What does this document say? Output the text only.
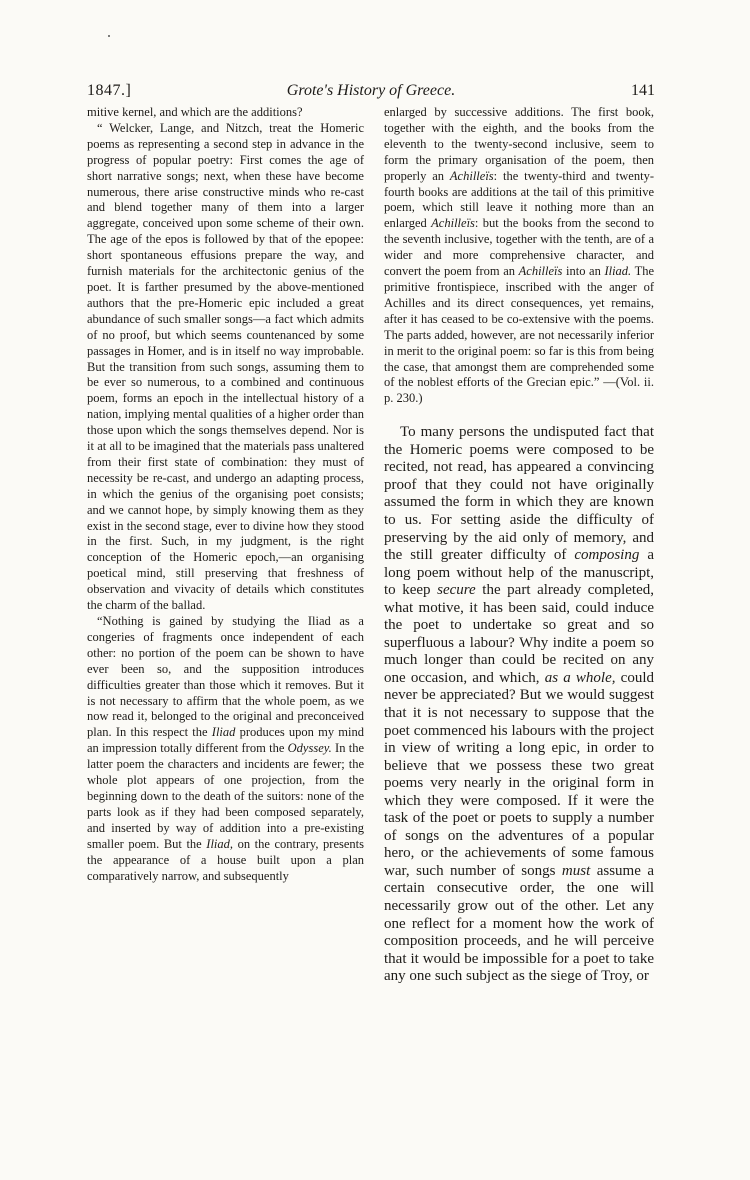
1847.]	Grote's History of Greece.	141

mitive kernel, and which are the additions?

“ Welcker, Lange, and Nitzch, treat the Homeric poems as representing a second step in advance in the progress of popular poetry: First comes the age of short narrative songs; next, when these have become numerous, there arise constructive minds who re-cast and blend together many of them into a larger aggregate, conceived upon some scheme of their own. The age of the epos is followed by that of the epopee: short spontaneous effusions prepare the way, and furnish materials for the architectonic genius of the poet. It is farther presumed by the above-mentioned authors that the pre-Homeric epic included a great abundance of such smaller songs—a fact which admits of no proof, but which seems countenanced by some passages in Homer, and is in itself no way improbable. But the transition from such songs, assuming them to be ever so numerous, to a combined and continuous poem, forms an epoch in the intellectual history of a nation, implying mental qualities of a higher order than those upon which the songs themselves depend. Nor is it at all to be imagined that the materials pass unaltered from their first state of combination: they must of necessity be re-cast, and undergo an adapting process, in which the genius of the organising poet consists; and we cannot hope, by simply knowing them as they exist in the second stage, ever to divine how they stood in the first. Such, in my judgment, is the right conception of the Homeric epoch,—an organising poetical mind, still preserving that freshness of observation and vivacity of details which constitutes the charm of the ballad.

“Nothing is gained by studying the Iliad as a congeries of fragments once independent of each other: no portion of the poem can be shown to have ever been so, and the supposition introduces difficulties greater than those which it removes. But it is not necessary to affirm that the whole poem, as we now read it, belonged to the original and preconceived plan. In this respect the Iliad produces upon my mind an impression totally different from the Odyssey. In the latter poem the characters and incidents are fewer; the whole plot appears of one projection, from the beginning down to the death of the suitors: none of the parts look as if they had been composed separately, and inserted by way of addition into a pre-existing smaller poem. But the Iliad, on the contrary, presents the appearance of a house built upon a plan comparatively narrow, and subsequently

enlarged by successive additions. The first book, together with the eighth, and the books from the eleventh to the twenty-second inclusive, seem to form the primary organisation of the poem, then properly an Achilleïs: the twenty-third and twenty-fourth books are additions at the tail of this primitive poem, which still leave it nothing more than an enlarged Achilleïs: but the books from the second to the seventh inclusive, together with the tenth, are of a wider and more comprehensive character, and convert the poem from an Achilleïs into an Iliad. The primitive frontispiece, inscribed with the anger of Achilles and its direct consequences, yet remains, after it has ceased to be co-extensive with the poems. The parts added, however, are not necessarily inferior in merit to the original poem: so far is this from being the case, that amongst them are comprehended some of the noblest efforts of the Grecian epic.” —(Vol. ii. p. 230.)

To many persons the undisputed fact that the Homeric poems were composed to be recited, not read, has appeared a convincing proof that they could not have originally assumed the form in which they are known to us. For setting aside the difficulty of preserving by the aid only of memory, and the still greater difficulty of composing a long poem without help of the manuscript, to keep secure the part already completed, what motive, it has been said, could induce the poet to undertake so great and so superfluous a labour? Why indite a poem so much longer than could be recited on any one occasion, and which, as a whole, could never be appreciated? But we would suggest that it is not necessary to suppose that the poet commenced his labours with the project in view of writing a long epic, in order to believe that we possess these two great poems very nearly in the original form in which they were composed. If it were the task of the poet or poets to supply a number of songs on the adventures of a popular hero, or the achievements of some famous war, such number of songs must assume a certain consecutive order, the one will necessarily grow out of the other. Let any one reflect for a moment how the work of composition proceeds, and he will perceive that it would be impossible for a poet to take any one such subject as the siege of Troy, or
